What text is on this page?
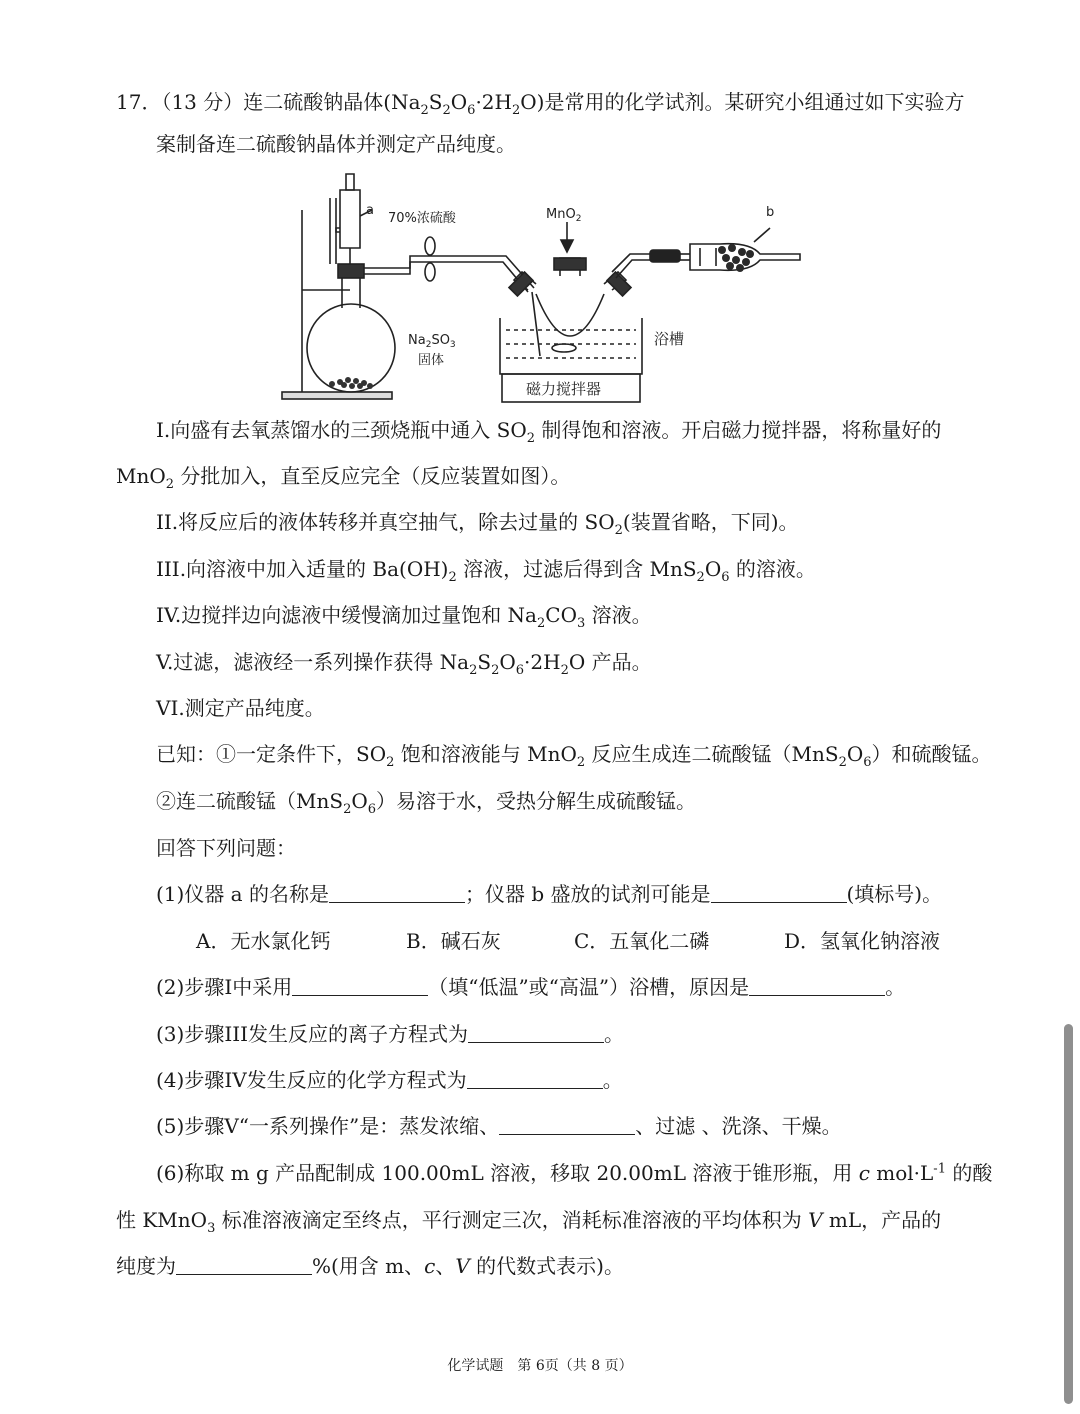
17．（13 分）连二硫酸钠晶体$(Na_2S_2O_6\cdot 2H_2O)$是常用的化学试剂。某研究小组通过如下实验方
案制备连二硫酸钠晶体并测定产品纯度。
a
70%浓硫酸	MnO$_2$	b
$Na_2SO_3$
固体
浴槽
磁力搅拌器
I.向盛有去氧蒸馏水的三颈烧瓶中通入 $SO_2$ 制得饱和溶液。开启磁力搅拌器，将称量好的
MnO$_2$ 分批加入，直至反应完全（反应装置如图）。
II.将反应后的液体转移并真空抽气，除去过量的 $SO_2$(装置省略，下同)。
III.向溶液中加入适量的 $Ba(OH)_2$ 溶液，过滤后得到含 $MnS_2O_6$ 的溶液。
IV.边搅拌边向滤液中缓慢滴加过量饱和 $Na_2CO_3$ 溶液。
V.过滤，滤液经一系列操作获得 $Na_2S_2O_6\cdot 2H_2O$ 产品。
VI.测定产品纯度。
已知：①一定条件下，$SO_2$ 饱和溶液能与 MnO$_2$ 反应生成连二硫酸锰$(MnS_2O_6)$和硫酸锰。
②连二硫酸锰$(MnS_2O_6)$易溶于水，受热分解生成硫酸锰。
回答下列问题：
(1)仪器 a 的名称是	；仪器 b 盛放的试剂可能是	(填标号)。
A．无水氯化钙	B．碱石灰	C．五氧化二磷	D．氢氧化钠溶液
(2)步骤I中采用	（填“低温”或“高温”）浴槽，原因是	。
(3)步骤III发生反应的离子方程式为	。
(4)步骤IV发生反应的化学方程式为	。
(5)步骤V“一系列操作”是：蒸发浓缩、	、过滤 、洗涤、干燥。
(6)称取 m g 产品配制成 100.00mL 溶液，移取 20.00mL 溶液于锥形瓶，用 c $mol\cdot L^{-1}$ 的酸
性 KMnO$_3$ 标准溶液滴定至终点，平行测定三次，消耗标准溶液的平均体积为 V mL，产品的
纯度为	%(用含 m、c、V 的代数式表示)。
化学试题　第 6页（共 8 页）
